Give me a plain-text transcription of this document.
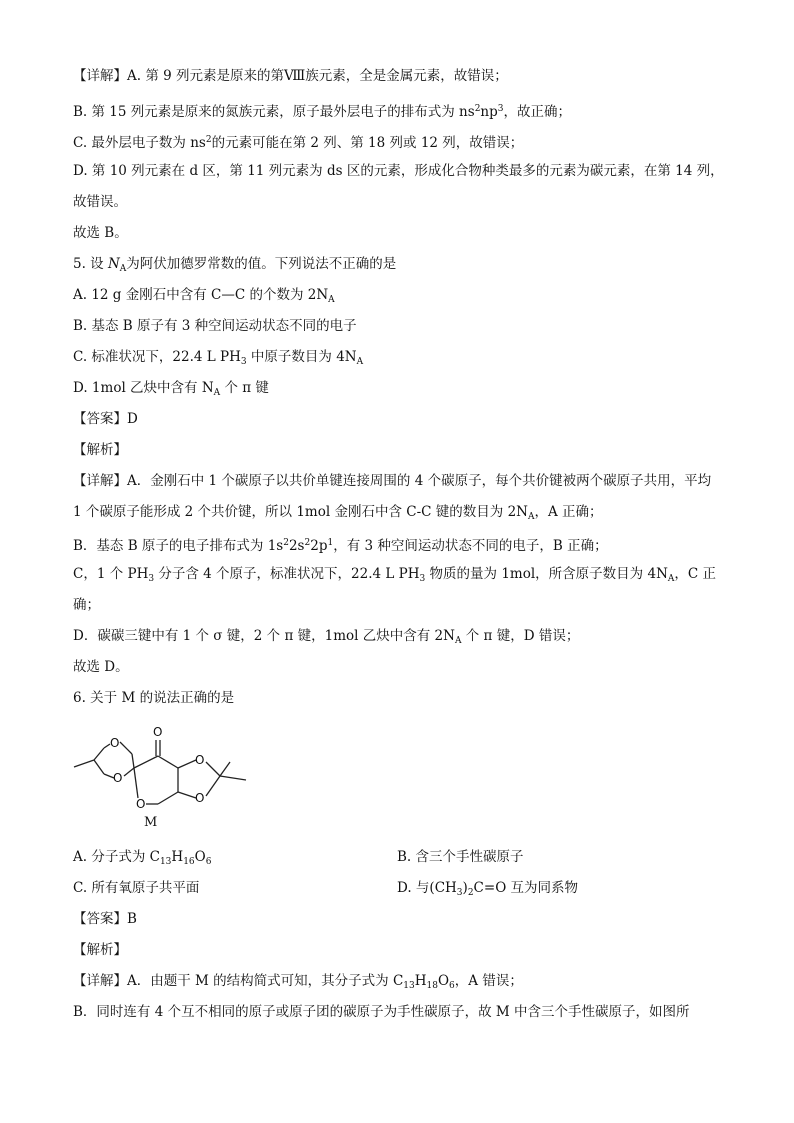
【详解】A. 第 9 列元素是原来的第Ⅷ族元素，全是金属元素，故错误；
B. 第 15 列元素是原来的氮族元素，原子最外层电子的排布式为 $ns^2np^3$，故正确；
C. 最外层电子数为 $ns^2$的元素可能在第 2 列、第 18 列或 12 列，故错误；
D. 第 10 列元素在 d 区，第 11 列元素为 ds 区的元素，形成化合物种类最多的元素为碳元素，在第 14 列，
故错误。
故选 B。
5. 设 $N_A$为阿伏加德罗常数的值。下列说法不正确的是
A. 12 g 金刚石中含有 C—C 的个数为 $2N_A$
B. 基态 B 原子有 3 种空间运动状态不同的电子
C. 标准状况下，22.4 L $PH_3$ 中原子数目为 $4N_A$
D. 1mol 乙炔中含有 $N_A$ 个 π 键
【答案】D
【解析】
【详解】A．金刚石中 1 个碳原子以共价单键连接周围的 4 个碳原子，每个共价键被两个碳原子共用，平均
1 个碳原子能形成 2 个共价键，所以 1mol 金刚石中含 C-C 键的数目为 $2N_A$，A 正确；
B．基态 B 原子的电子排布式为 $1s^22s^22p^1$，有 3 种空间运动状态不同的电子，B 正确；
C，1 个 $PH_3$ 分子含 4 个原子，标准状况下，22.4 L $PH_3$ 物质的量为 1mol，所含原子数目为 $4N_A$，C 正
确；
D．碳碳三键中有 1 个 σ 键，2 个 π 键，1mol 乙炔中含有 $2N_A$ 个 π 键，D 错误；
故选 D。
6. 关于 M 的说法正确的是
O
O
O
O
O
O
M
A. 分子式为 $C_{13}H_{16}O_6$	B. 含三个手性碳原子
C. 所有氧原子共平面	D. 与$(CH_3)_2C=O$ 互为同系物
【答案】B
【解析】
【详解】A．由题干 M 的结构简式可知，其分子式为 $C_{13}H_{18}O_6$，A 错误；
B．同时连有 4 个互不相同的原子或原子团的碳原子为手性碳原子，故 M 中含三个手性碳原子，如图所
